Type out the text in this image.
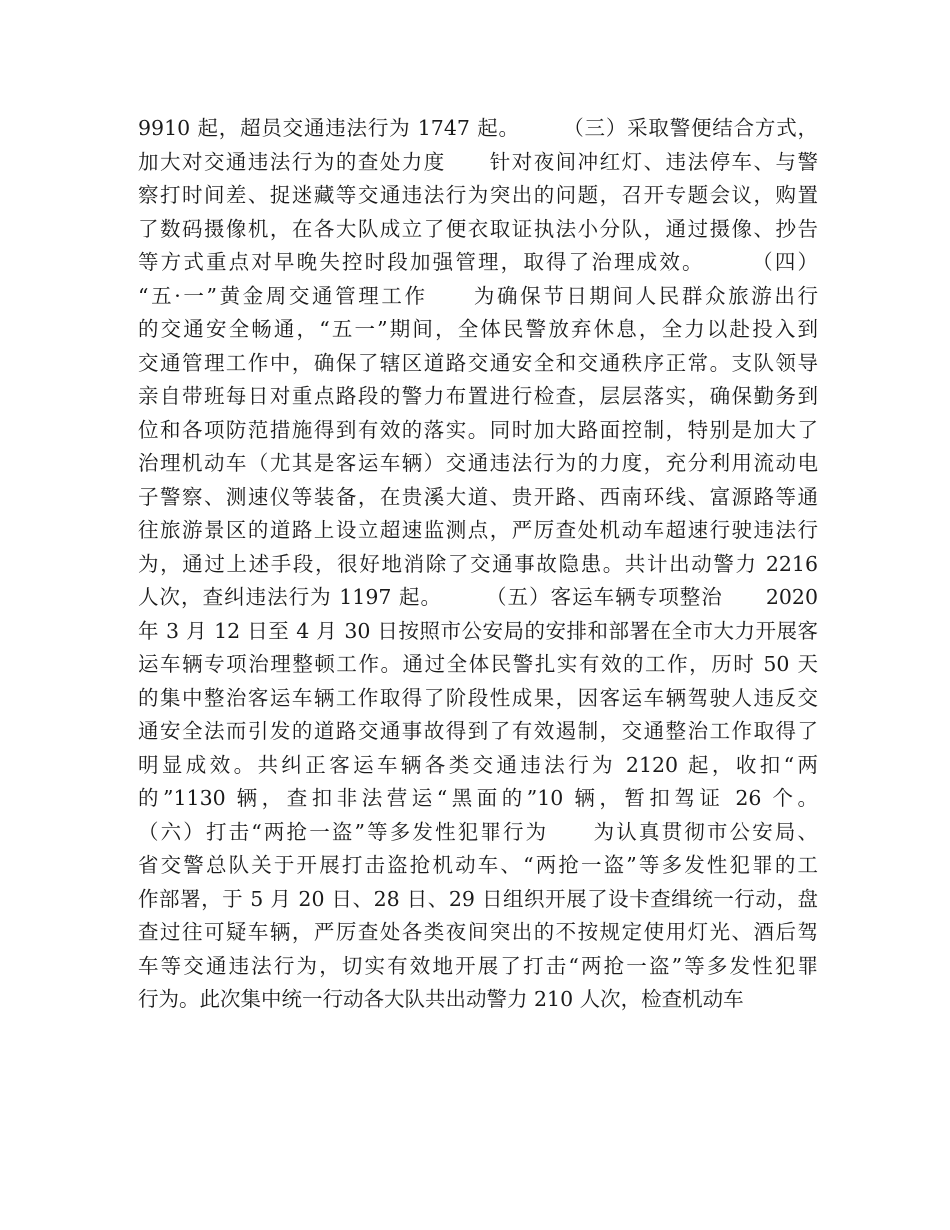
9910 起，超员交通违法行为 1747 起。　　　（三）采取警便结合方式，
加大对交通违法行为的查处力度　　针对夜间冲红灯、违法停车、与警
察打时间差、捉迷藏等交通违法行为突出的问题，召开专题会议，购置
了数码摄像机，在各大队成立了便衣取证执法小分队，通过摄像、抄告
等方式重点对早晚失控时段加强管理，取得了治理成效。　　　（四）
“五·一”黄金周交通管理工作　　为确保节日期间人民群众旅游出行
的交通安全畅通，“五一”期间，全体民警放弃休息，全力以赴投入到
交通管理工作中，确保了辖区道路交通安全和交通秩序正常。支队领导
亲自带班每日对重点路段的警力布置进行检查，层层落实，确保勤务到
位和各项防范措施得到有效的落实。同时加大路面控制，特别是加大了
治理机动车（尤其是客运车辆）交通违法行为的力度，充分利用流动电
子警察、测速仪等装备，在贵溪大道、贵开路、西南环线、富源路等通
往旅游景区的道路上设立超速监测点，严厉查处机动车超速行驶违法行
为，通过上述手段，很好地消除了交通事故隐患。共计出动警力 2216
人次，查纠违法行为 1197 起。　　　（五）客运车辆专项整治　　2020
年 3 月 12 日至 4 月 30 日按照市公安局的安排和部署在全市大力开展客
运车辆专项治理整顿工作。通过全体民警扎实有效的工作，历时 50 天
的集中整治客运车辆工作取得了阶段性成果，因客运车辆驾驶人违反交
通安全法而引发的道路交通事故得到了有效遏制，交通整治工作取得了
明显成效。共纠正客运车辆各类交通违法行为 2120 起，收扣“两
的”1130 辆，查扣非法营运“黑面的”10 辆，暂扣驾证 26 个。
（六）打击“两抢一盗”等多发性犯罪行为　　为认真贯彻市公安局、
省交警总队关于开展打击盗抢机动车、“两抢一盗”等多发性犯罪的工
作部署，于 5 月 20 日、28 日、29 日组织开展了设卡查缉统一行动，盘
查过往可疑车辆，严厉查处各类夜间突出的不按规定使用灯光、酒后驾
车等交通违法行为，切实有效地开展了打击“两抢一盗”等多发性犯罪
行为。此次集中统一行动各大队共出动警力 210 人次，检查机动车
